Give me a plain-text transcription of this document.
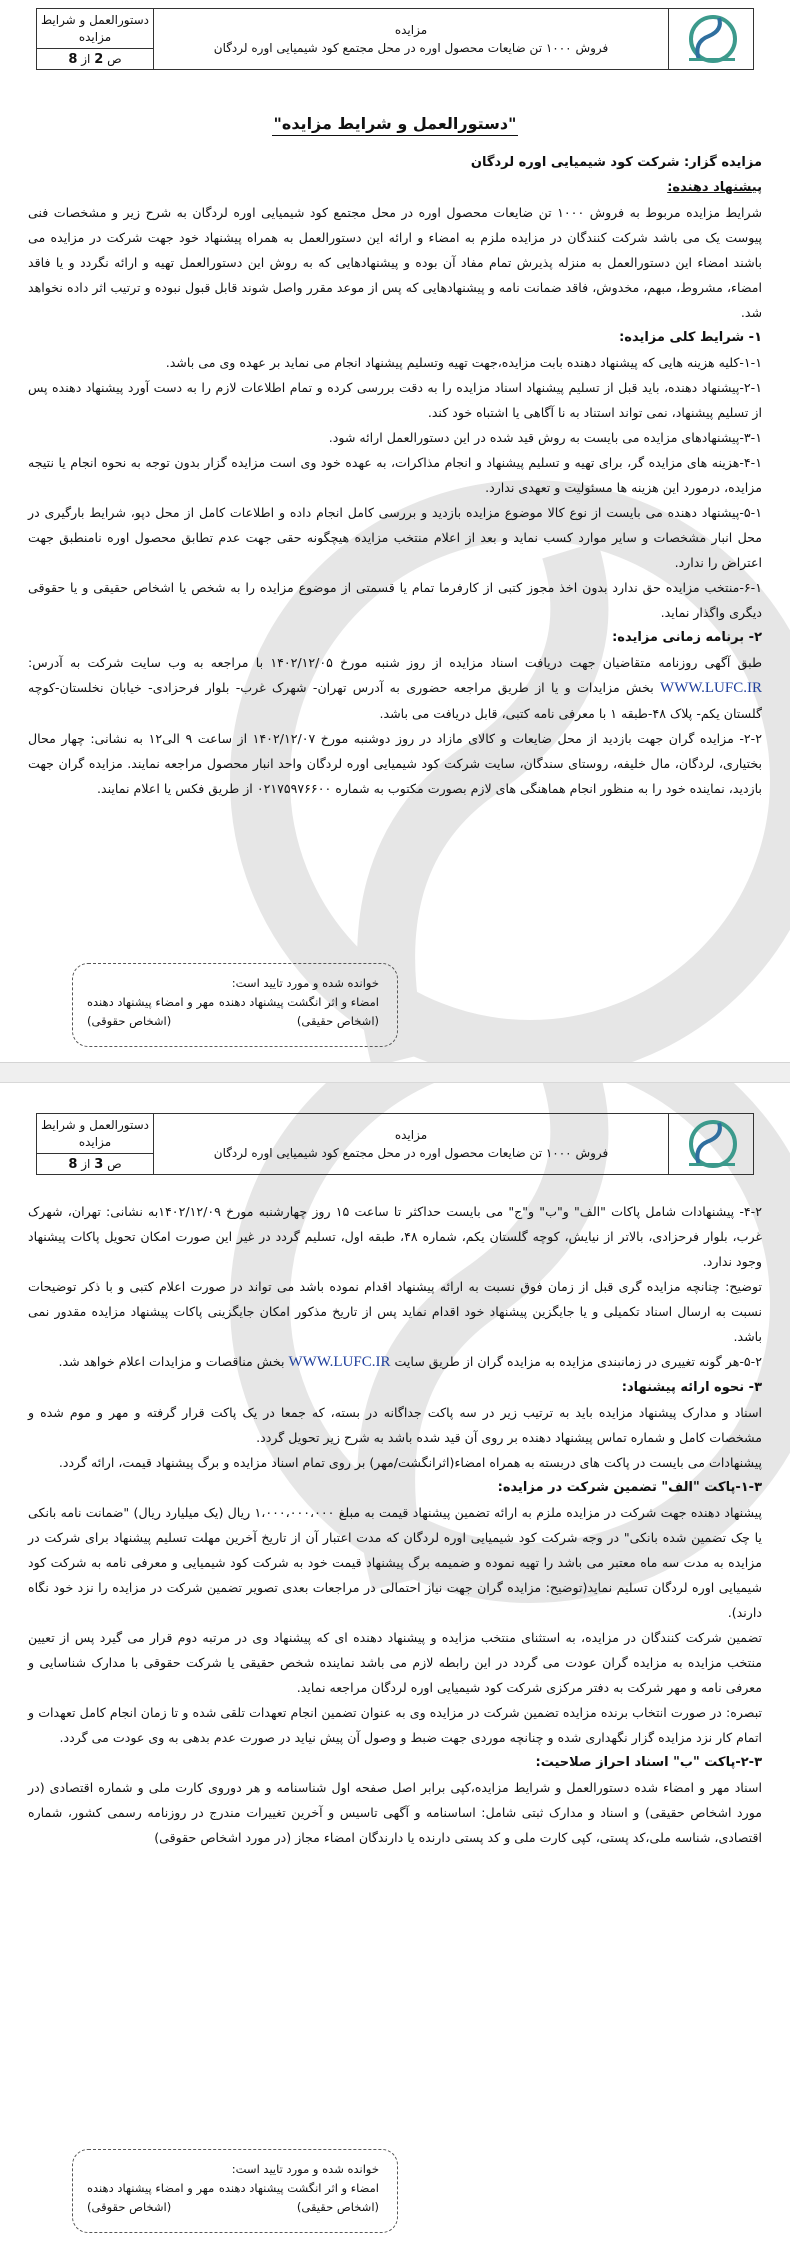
دستورالعمل و شرایط مزایده
ص 2 از 8
مزایده
فروش ۱۰۰۰ تن ضایعات محصول اوره در محل مجتمع کود شیمیایی اوره لردگان
"دستورالعمل و شرایط مزایده"

مزایده گزار: شرکت کود شیمیایی اوره لردگان

پیشنهاد دهنده:

شرایط مزایده مربوط به فروش ۱۰۰۰ تن ضایعات محصول اوره در محل مجتمع کود شیمیایی اوره لردگان به شرح زیر و مشخصات فنی پیوست یک می باشد شرکت کنندگان در مزایده ملزم به امضاء و ارائه این دستورالعمل به همراه پیشنهاد خود جهت شرکت در مزایده می باشند امضاء این دستورالعمل به منزله پذیرش تمام مفاد آن بوده و پیشنهادهایی که به روش این دستورالعمل تهیه و ارائه نگردد و یا فاقد امضاء، مشروط، مبهم، مخدوش، فاقد ضمانت نامه و پیشنهادهایی که پس از موعد مقرر واصل شوند قابل قبول نبوده و ترتیب اثر داده نخواهد شد.

۱- شرایط کلی مزایده:

۱-۱-کلیه هزینه هایی که پیشنهاد دهنده بابت مزایده،جهت تهیه وتسلیم پیشنهاد انجام می نماید بر عهده وی می باشد.

۲-۱-پیشنهاد دهنده، باید قبل از تسلیم پیشنهاد اسناد مزایده را به دقت بررسی کرده و تمام اطلاعات لازم را به دست آورد پیشنهاد دهنده پس از تسلیم پیشنهاد، نمی تواند استناد به نا آگاهی یا اشتباه خود کند.

۳-۱-پیشنهادهای مزایده می بایست به روش قید شده در این دستورالعمل ارائه شود.

۴-۱-هزینه های مزایده گر، برای تهیه و تسلیم پیشنهاد و انجام مذاکرات، به عهده خود وی است مزایده گزار بدون توجه به نحوه انجام یا نتیجه مزایده، درمورد این هزینه ها مسئولیت و تعهدی ندارد.

۵-۱-پیشنهاد دهنده می بایست از نوع کالا موضوع مزایده بازدید و بررسی کامل انجام داده و اطلاعات کامل از محل دپو، شرایط بارگیری در محل انبار مشخصات و سایر موارد کسب نماید و بعد از اعلام منتخب مزایده هیچگونه حقی جهت عدم تطابق محصول اوره نامنطبق جهت اعتراض را ندارد.

۶-۱-منتخب مزایده حق ندارد بدون اخذ مجوز کتبی از کارفرما تمام یا قسمتی از موضوع مزایده را به شخص یا اشخاص حقیقی و یا حقوقی دیگری واگذار نماید.

۲- برنامه زمانی مزایده:

طبق آگهی روزنامه متقاضیان جهت دریافت اسناد مزایده از روز شنبه مورخ ۱۴۰۲/۱۲/۰۵ با مراجعه به وب سایت شرکت به آدرس: WWW.LUFC.IR بخش مزایدات و یا از طریق مراجعه حضوری به آدرس تهران- شهرک غرب- بلوار فرحزادی- خیابان نخلستان-کوچه گلستان یکم- پلاک ۴۸-طبقه ۱ با معرفی نامه کتبی، قابل دریافت می باشد.

۲-۲- مزایده گران جهت بازدید از محل ضایعات و کالای مازاد در روز دوشنبه مورخ ۱۴۰۲/۱۲/۰۷ از ساعت ۹ الی۱۲ به نشانی: چهار محال بختیاری، لردگان، مال خلیفه، روستای سندگان، سایت شرکت کود شیمیایی اوره لردگان واحد انبار محصول مراجعه نمایند. مزایده گران جهت بازدید، نماینده خود را به منظور انجام هماهنگی های لازم بصورت مکتوب به شماره ۰۲۱۷۵۹۷۶۶۰۰ از طریق فکس یا اعلام نمایند.

خوانده شده و مورد تایید است:
امضاء و اثر انگشت پیشنهاد دهنده
مهر و امضاء پیشنهاد دهنده
(اشخاص حقیقی)
(اشخاص حقوقی)
دستورالعمل و شرایط مزایده
ص 3 از 8
مزایده
فروش ۱۰۰۰ تن ضایعات محصول اوره در محل مجتمع کود شیمیایی اوره لردگان

۴-۲- پیشنهادات شامل پاکات "الف" و"ب" و"ج" می بایست حداکثر تا ساعت ۱۵ روز چهارشنبه مورخ ۱۴۰۲/۱۲/۰۹به نشانی: تهران، شهرک غرب، بلوار فرحزادی، بالاتر از نیایش، کوچه گلستان یکم، شماره ۴۸، طبقه اول، تسلیم گردد در غیر این صورت امکان تحویل پاکات پیشنهاد وجود ندارد.

توضیح: چنانچه مزایده گری قبل از زمان فوق نسبت به ارائه پیشنهاد اقدام نموده باشد می تواند در صورت اعلام کتبی و با ذکر توضیحات نسبت به ارسال اسناد تکمیلی و یا جایگزین پیشنهاد خود اقدام نماید پس از تاریخ مذکور امکان جایگزینی پاکات پیشنهاد مزایده مقدور نمی باشد.

۵-۲-هر گونه تغییری در زمانبندی مزایده به مزایده گران از طریق سایت WWW.LUFC.IR بخش مناقصات و مزایدات اعلام خواهد شد.

۳- نحوه ارائه پیشنهاد:

اسناد و مدارک پیشنهاد مزایده باید به ترتیب زیر در سه پاکت جداگانه در بسته، که جمعا در یک پاکت قرار گرفته و مهر و موم شده و مشخصات کامل و شماره تماس پیشنهاد دهنده بر روی آن قید شده باشد به شرح زیر تحویل گردد.

پیشنهادات می بایست در پاکت های دربسته به همراه امضاء(اثرانگشت/مهر) بر روی تمام اسناد مزایده و برگ پیشنهاد قیمت، ارائه گردد.

۱-۳-پاکت "الف" تضمین شرکت در مزایده:

پیشنهاد دهنده جهت شرکت در مزایده ملزم به ارائه تضمین پیشنهاد قیمت به مبلغ ۱،۰۰۰،۰۰۰،۰۰۰ ریال (یک میلیارد ریال) "ضمانت نامه بانکی یا چک تضمین شده بانکی" در وجه شرکت کود شیمیایی اوره لردگان که مدت اعتبار آن از تاریخ آخرین مهلت تسلیم پیشنهاد برای شرکت در مزایده به مدت سه ماه معتبر می باشد را تهیه نموده و ضمیمه برگ پیشنهاد قیمت خود به شرکت کود شیمیایی و معرفی نامه به شرکت کود شیمیایی اوره لردگان تسلیم نماید(توضیح: مزایده گران جهت نیاز احتمالی در مراجعات بعدی تصویر تضمین شرکت در مزایده را نزد خود نگاه دارند).

تضمین شرکت کنندگان در مزایده، به استثنای منتخب مزایده و پیشنهاد دهنده ای که پیشنهاد وی در مرتبه دوم قرار می گیرد پس از تعیین منتخب مزایده به مزایده گران عودت می گردد در این رابطه لازم می باشد نماینده شخص حقیقی یا شرکت حقوقی با مدارک شناسایی و معرفی نامه و مهر شرکت به دفتر مرکزی شرکت کود شیمیایی اوره لردگان مراجعه نماید.

تبصره: در صورت انتخاب برنده مزایده تضمین شرکت در مزایده وی به عنوان تضمین انجام تعهدات تلقی شده و تا زمان انجام کامل تعهدات و اتمام کار نزد مزایده گزار نگهداری شده و چنانچه موردی جهت ضبط و وصول آن پیش نیاید در صورت عدم بدهی به وی عودت می گردد.

۲-۳-پاکت "ب" اسناد احراز صلاحیت:

اسناد مهر و امضاء شده دستورالعمل و شرایط مزایده،کپی برابر اصل صفحه اول شناسنامه و هر دوروی کارت ملی و شماره اقتصادی (در مورد اشخاص حقیقی) و اسناد و مدارک ثبتی شامل: اساسنامه و آگهی تاسیس و آخرین تغییرات مندرج در روزنامه رسمی کشور، شماره اقتصادی، شناسه ملی،کد پستی، کپی کارت ملی و کد پستی دارنده یا دارندگان امضاء مجاز (در مورد اشخاص حقوقی)

خوانده شده و مورد تایید است:
امضاء و اثر انگشت پیشنهاد دهنده
مهر و امضاء پیشنهاد دهنده
(اشخاص حقیقی)
(اشخاص حقوقی)
